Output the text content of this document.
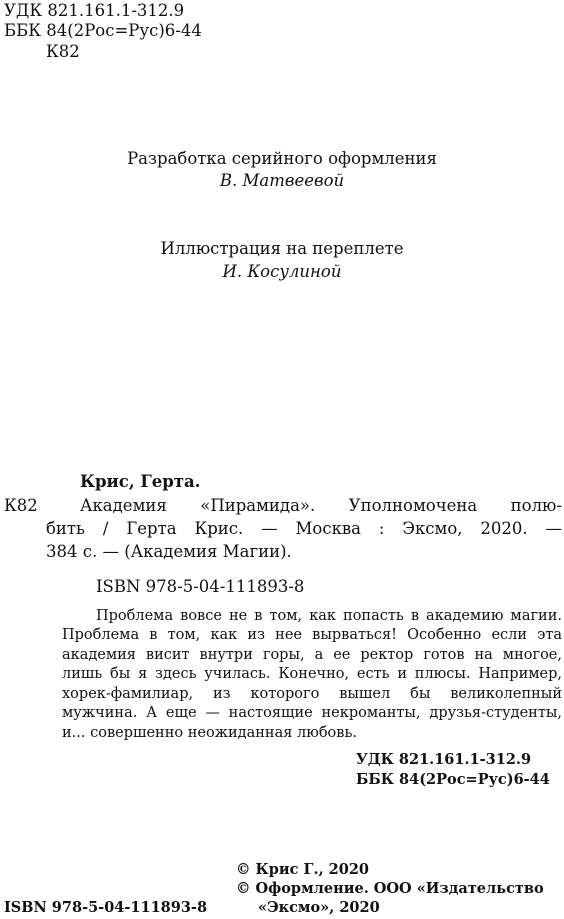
УДК 821.161.1-312.9
ББК 84(2Рос=Рус)6-44
К82
Разработка серийного оформления
В. Матвеевой
Иллюстрация на переплете
И. Косулиной
Крис, Герта.
К82	Академия «Пирамида». Уполномочена полю-
бить / Герта Крис. — Москва : Эксмо, 2020. —
384 с. — (Академия Магии).
ISBN 978-5-04-111893-8
Проблема вовсе не в том, как попасть в академию магии.
Проблема в том, как из нее вырваться! Особенно если эта
академия висит внутри горы, а ее ректор готов на многое,
лишь бы я здесь училась. Конечно, есть и плюсы. Например,
хорек-фамилиар, из которого вышел бы великолепный
мужчина. А еще — настоящие некроманты, друзья-студенты,
и... совершенно неожиданная любовь.
УДК 821.161.1-312.9
ББК 84(2Рос=Рус)6-44
ISBN 978-5-04-111893-8
© Крис Г., 2020
© Оформление. ООО «Издательство
«Эксмо», 2020
